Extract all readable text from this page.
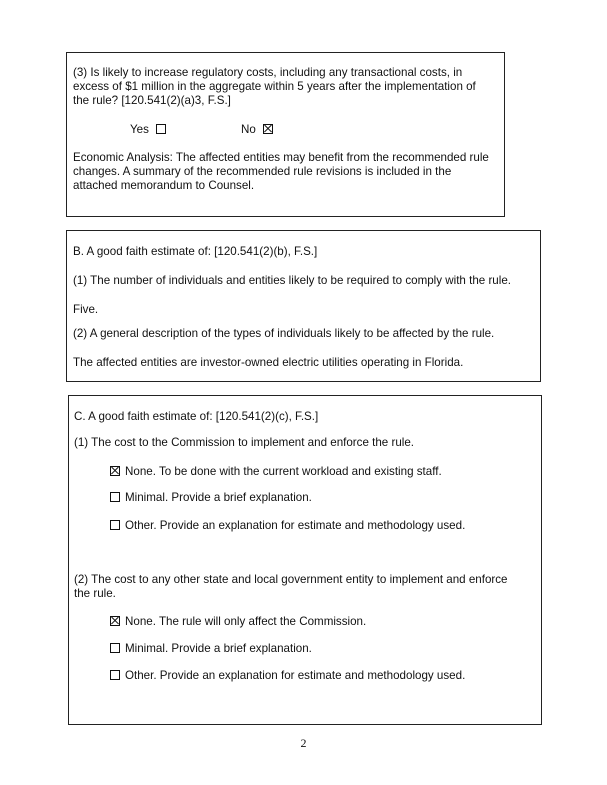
(3) Is likely to increase regulatory costs, including any transactional costs, in
excess of $1 million in the aggregate within 5 years after the implementation of
the rule? [120.541(2)(a)3, F.S.]
Yes	No
Economic Analysis: The affected entities may benefit from the recommended rule
changes. A summary of the recommended rule revisions is included in the
attached memorandum to Counsel.
B. A good faith estimate of: [120.541(2)(b), F.S.]
(1) The number of individuals and entities likely to be required to comply with the rule.
Five.
(2) A general description of the types of individuals likely to be affected by the rule.
The affected entities are investor-owned electric utilities operating in Florida.
C. A good faith estimate of: [120.541(2)(c), F.S.]
(1) The cost to the Commission to implement and enforce the rule.
None. To be done with the current workload and existing staff.
Minimal. Provide a brief explanation.
Other. Provide an explanation for estimate and methodology used.
(2) The cost to any other state and local government entity to implement and enforce
the rule.
None. The rule will only affect the Commission.
Minimal. Provide a brief explanation.
Other. Provide an explanation for estimate and methodology used.
2
